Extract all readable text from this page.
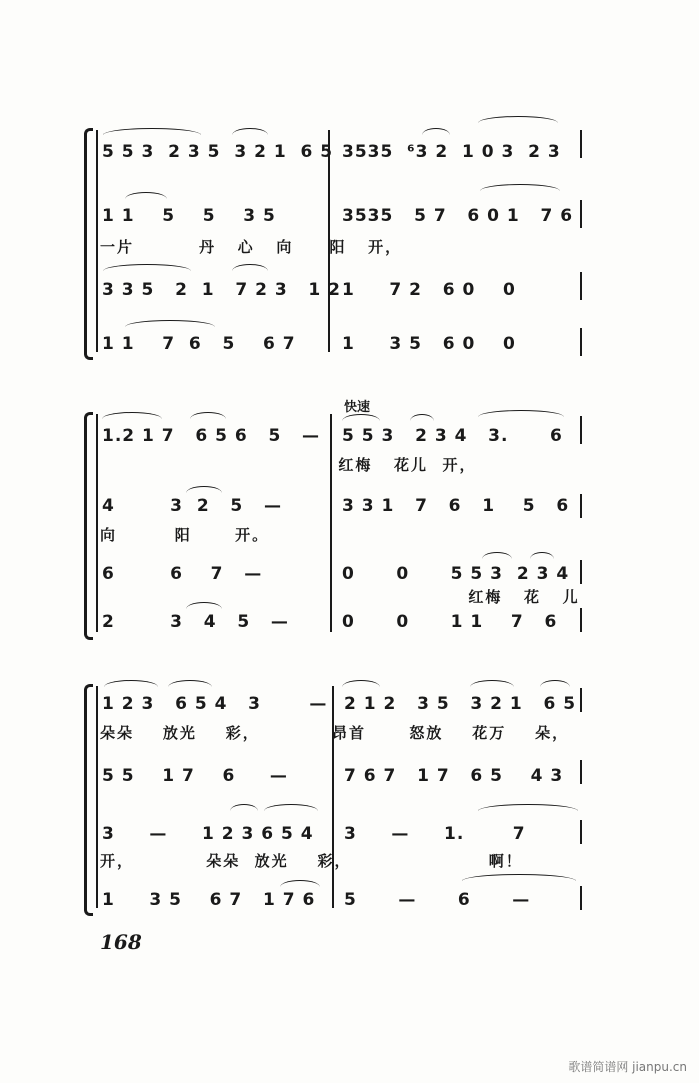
5 5 3  2 3 5  3 2 1  6 5 3535  ⁶3 2  1 0 3  2 3
1 1    5    5    3 5	3535   5 7   6 0 1   7 6
一片         丹   心   向     阳   开，
3 3 5   2  1   7 2 3   1 2 1     7 2   6 0    0
1 1    7  6   5    6 7	1     3 5   6 0    0
快速
1.2 1 7   6 5 6   5   — 5 5 3   2 3 4   3.      6
红梅   花儿  开，
4        3  2   5   —	3 3 1   7   6   1    5   6
向        阳      开。
6        6    7   —	0      0      5 5 3  2 3 4
红梅   花   儿
2        3   4   5   —	0      0      1 1    7   6
1 2 3   6 5 4   3       — 2 1 2   3 5   3 2 1   6 5
朵朵    放光    彩，          昂首      怒放    花万    朵，
5 5    1 7    6     —	7 6 7   1 7   6 5    4 3
3     —     1 2 3 6 5 4 3     —     1.       7
开，          朵朵  放光    彩，                   啊！
1     3 5    6 7   1 7 6 5      —      6      —
168
歌谱简谱网 jianpu.cn
